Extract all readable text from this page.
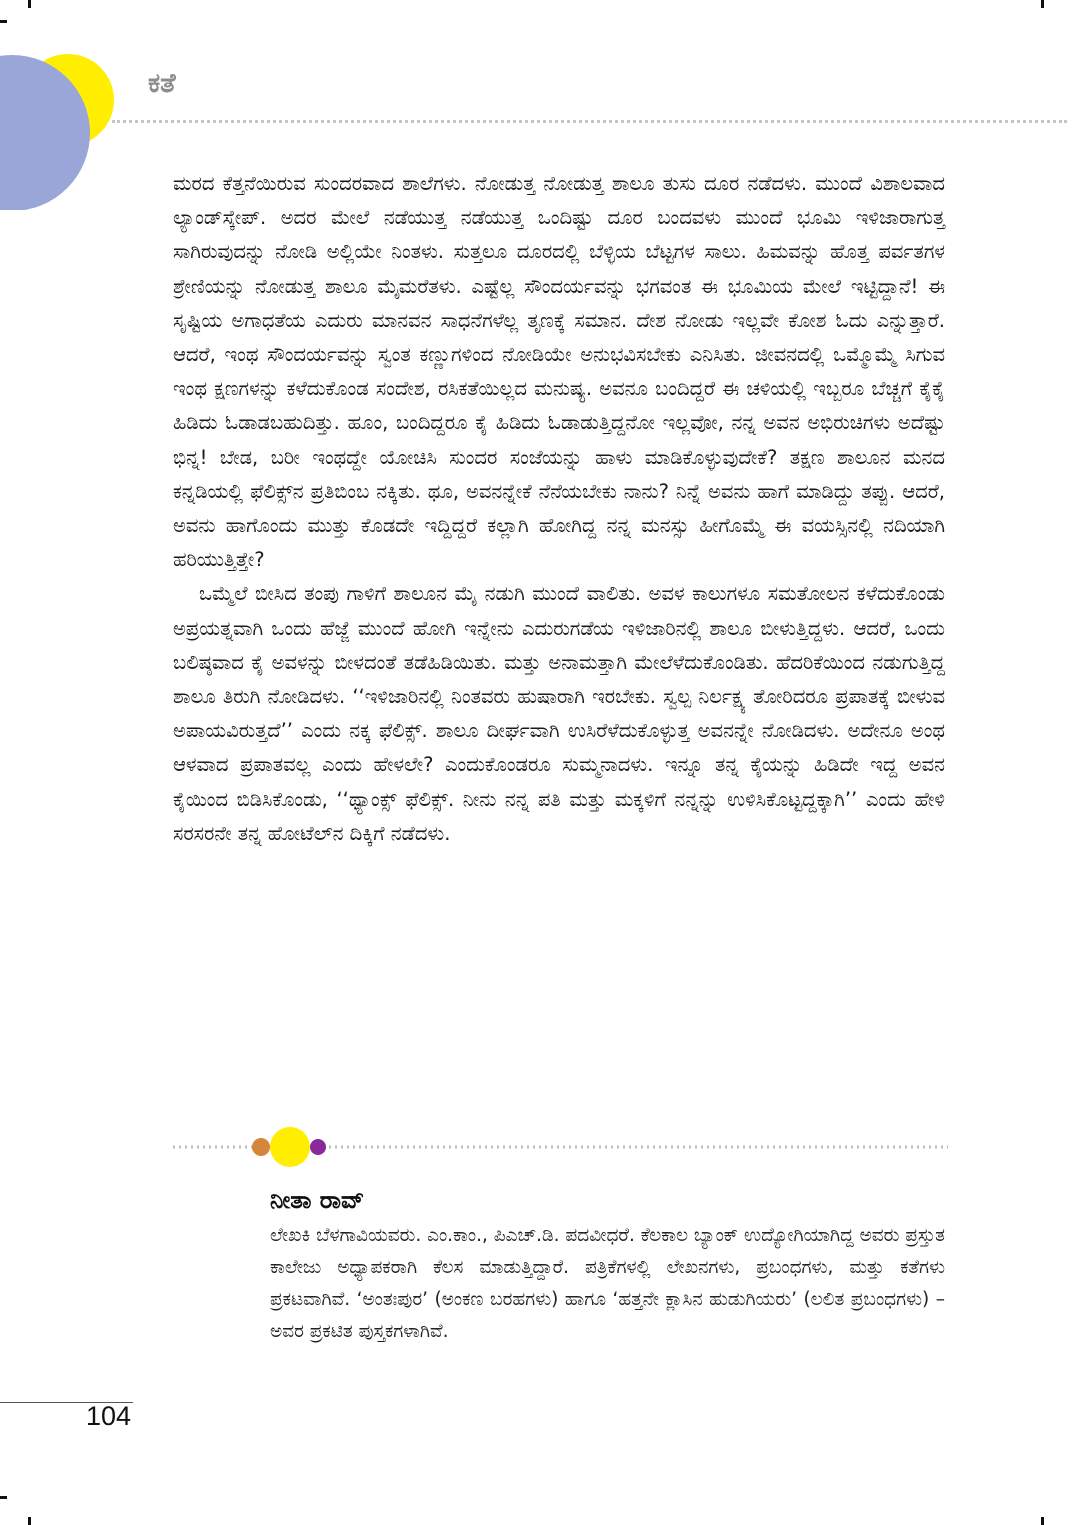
ಕತೆ

ಮರದ ಕೆತ್ತನೆಯಿರುವ ಸುಂದರವಾದ ಶಾಲೆಗಳು. ನೋಡುತ್ತ ನೋಡುತ್ತ ಶಾಲೂ ತುಸು ದೂರ ನಡೆದಳು. ಮುಂದೆ ವಿಶಾಲವಾದ ಲ್ಯಾಂಡ್‌ಸ್ಕೇಪ್. ಅದರ ಮೇಲೆ ನಡೆಯುತ್ತ ನಡೆಯುತ್ತ ಒಂದಿಷ್ಟು ದೂರ ಬಂದವಳು ಮುಂದೆ ಭೂಮಿ ಇಳಿಜಾರಾಗುತ್ತ ಸಾಗಿರುವುದನ್ನು ನೋಡಿ ಅಲ್ಲಿಯೇ ನಿಂತಳು. ಸುತ್ತಲೂ ದೂರದಲ್ಲಿ ಬೆಳ್ಳಿಯ ಬೆಟ್ಟಗಳ ಸಾಲು. ಹಿಮವನ್ನು ಹೊತ್ತ ಪರ್ವತಗಳ ಶ್ರೇಣಿಯನ್ನು ನೋಡುತ್ತ ಶಾಲೂ ಮೈಮರೆತಳು. ಎಷ್ಟೆಲ್ಲ ಸೌಂದರ್ಯವನ್ನು ಭಗವಂತ ಈ ಭೂಮಿಯ ಮೇಲೆ ಇಟ್ಟಿದ್ದಾನೆ! ಈ ಸೃಷ್ಟಿಯ ಅಗಾಧತೆಯ ಎದುರು ಮಾನವನ ಸಾಧನೆಗಳೆಲ್ಲ ತೃಣಕ್ಕೆ ಸಮಾನ. ದೇಶ ನೋಡು ಇಲ್ಲವೇ ಕೋಶ ಓದು ಎನ್ನುತ್ತಾರೆ. ಆದರೆ, ಇಂಥ ಸೌಂದರ್ಯವನ್ನು ಸ್ವಂತ ಕಣ್ಣುಗಳಿಂದ ನೋಡಿಯೇ ಅನುಭವಿಸಬೇಕು ಎನಿಸಿತು. ಜೀವನದಲ್ಲಿ ಒಮ್ಮೊಮ್ಮೆ ಸಿಗುವ ಇಂಥ ಕ್ಷಣಗಳನ್ನು ಕಳೆದುಕೊಂಡ ಸಂದೇಶ, ರಸಿಕತೆಯಿಲ್ಲದ ಮನುಷ್ಯ. ಅವನೂ ಬಂದಿದ್ದರೆ ಈ ಚಳಿಯಲ್ಲಿ ಇಬ್ಬರೂ ಬೆಚ್ಚಗೆ ಕೈಕೈ ಹಿಡಿದು ಓಡಾಡಬಹುದಿತ್ತು. ಹೂಂ, ಬಂದಿದ್ದರೂ ಕೈ ಹಿಡಿದು ಓಡಾಡುತ್ತಿದ್ದನೋ ಇಲ್ಲವೋ, ನನ್ನ ಅವನ ಅಭಿರುಚಿಗಳು ಅದೆಷ್ಟು ಭಿನ್ನ! ಬೇಡ, ಬರೀ ಇಂಥದ್ದೇ ಯೋಚಿಸಿ ಸುಂದರ ಸಂಜೆಯನ್ನು ಹಾಳು ಮಾಡಿಕೊಳ್ಳುವುದೇಕೆ? ತಕ್ಷಣ ಶಾಲೂನ ಮನದ ಕನ್ನಡಿಯಲ್ಲಿ ಫೆಲಿಕ್ಸ್‌ನ ಪ್ರತಿಬಿಂಬ ನಕ್ಕಿತು. ಥೂ, ಅವನನ್ನೇಕೆ ನೆನೆಯಬೇಕು ನಾನು? ನಿನ್ನೆ ಅವನು ಹಾಗೆ ಮಾಡಿದ್ದು ತಪ್ಪು. ಆದರೆ, ಅವನು ಹಾಗೊಂದು ಮುತ್ತು ಕೊಡದೇ ಇದ್ದಿದ್ದರೆ ಕಲ್ಲಾಗಿ ಹೋಗಿದ್ದ ನನ್ನ ಮನಸ್ಸು ಹೀಗೊಮ್ಮೆ ಈ ವಯಸ್ಸಿನಲ್ಲಿ ನದಿಯಾಗಿ ಹರಿಯುತ್ತಿತ್ತೇ?

ಒಮ್ಮೆಲೆ ಬೀಸಿದ ತಂಪು ಗಾಳಿಗೆ ಶಾಲೂನ ಮೈ ನಡುಗಿ ಮುಂದೆ ವಾಲಿತು. ಅವಳ ಕಾಲುಗಳೂ ಸಮತೋಲನ ಕಳೆದುಕೊಂಡು ಅಪ್ರಯತ್ನವಾಗಿ ಒಂದು ಹೆಜ್ಜೆ ಮುಂದೆ ಹೋಗಿ ಇನ್ನೇನು ಎದುರುಗಡೆಯ ಇಳಿಜಾರಿನಲ್ಲಿ ಶಾಲೂ ಬೀಳುತ್ತಿದ್ದಳು. ಆದರೆ, ಒಂದು ಬಲಿಷ್ಠವಾದ ಕೈ ಅವಳನ್ನು ಬೀಳದಂತೆ ತಡೆಹಿಡಿಯಿತು. ಮತ್ತು ಅನಾಮತ್ತಾಗಿ ಮೇಲೆಳೆದುಕೊಂಡಿತು. ಹೆದರಿಕೆಯಿಂದ ನಡುಗುತ್ತಿದ್ದ ಶಾಲೂ ತಿರುಗಿ ನೋಡಿದಳು. ‘‘ಇಳಿಜಾರಿನಲ್ಲಿ ನಿಂತವರು ಹುಷಾರಾಗಿ ಇರಬೇಕು. ಸ್ವಲ್ಪ ನಿರ್ಲಕ್ಷ್ಯ ತೋರಿದರೂ ಪ್ರಪಾತಕ್ಕೆ ಬೀಳುವ ಅಪಾಯವಿರುತ್ತದೆ’’ ಎಂದು ನಕ್ಕ ಫೆಲಿಕ್ಸ್. ಶಾಲೂ ದೀರ್ಘವಾಗಿ ಉಸಿರೆಳೆದುಕೊಳ್ಳುತ್ತ ಅವನನ್ನೇ ನೋಡಿದಳು. ಅದೇನೂ ಅಂಥ ಆಳವಾದ ಪ್ರಪಾತವಲ್ಲ ಎಂದು ಹೇಳಲೇ? ಎಂದುಕೊಂಡರೂ ಸುಮ್ಮನಾದಳು. ಇನ್ನೂ ತನ್ನ ಕೈಯನ್ನು ಹಿಡಿದೇ ಇದ್ದ ಅವನ ಕೈಯಿಂದ ಬಿಡಿಸಿಕೊಂಡು, ‘‘ಥ್ಯಾಂಕ್ಸ್ ಫೆಲಿಕ್ಸ್. ನೀನು ನನ್ನ ಪತಿ ಮತ್ತು ಮಕ್ಕಳಿಗೆ ನನ್ನನ್ನು ಉಳಿಸಿಕೊಟ್ಟದ್ದಕ್ಕಾಗಿ’’ ಎಂದು ಹೇಳಿ ಸರಸರನೇ ತನ್ನ ಹೋಟೆಲ್‌ನ ದಿಕ್ಕಿಗೆ ನಡೆದಳು.

ನೀತಾ ರಾವ್

ಲೇಖಕಿ ಬೆಳಗಾವಿಯವರು. ಎಂ.ಕಾಂ., ಪಿಎಚ್.ಡಿ. ಪದವೀಧರೆ. ಕೆಲಕಾಲ ಬ್ಯಾಂಕ್ ಉದ್ಯೋಗಿಯಾಗಿದ್ದ ಅವರು ಪ್ರಸ್ತುತ ಕಾಲೇಜು ಅಧ್ಯಾಪಕರಾಗಿ ಕೆಲಸ ಮಾಡುತ್ತಿದ್ದಾರೆ. ಪತ್ರಿಕೆಗಳಲ್ಲಿ ಲೇಖನಗಳು, ಪ್ರಬಂಧಗಳು, ಮತ್ತು ಕತೆಗಳು ಪ್ರಕಟವಾಗಿವೆ. ‘ಅಂತಃಪುರ’ (ಅಂಕಣ ಬರಹಗಳು) ಹಾಗೂ ‘ಹತ್ತನೇ ಕ್ಲಾಸಿನ ಹುಡುಗಿಯರು’ (ಲಲಿತ ಪ್ರಬಂಧಗಳು) – ಅವರ ಪ್ರಕಟಿತ ಪುಸ್ತಕಗಳಾಗಿವೆ.

104
